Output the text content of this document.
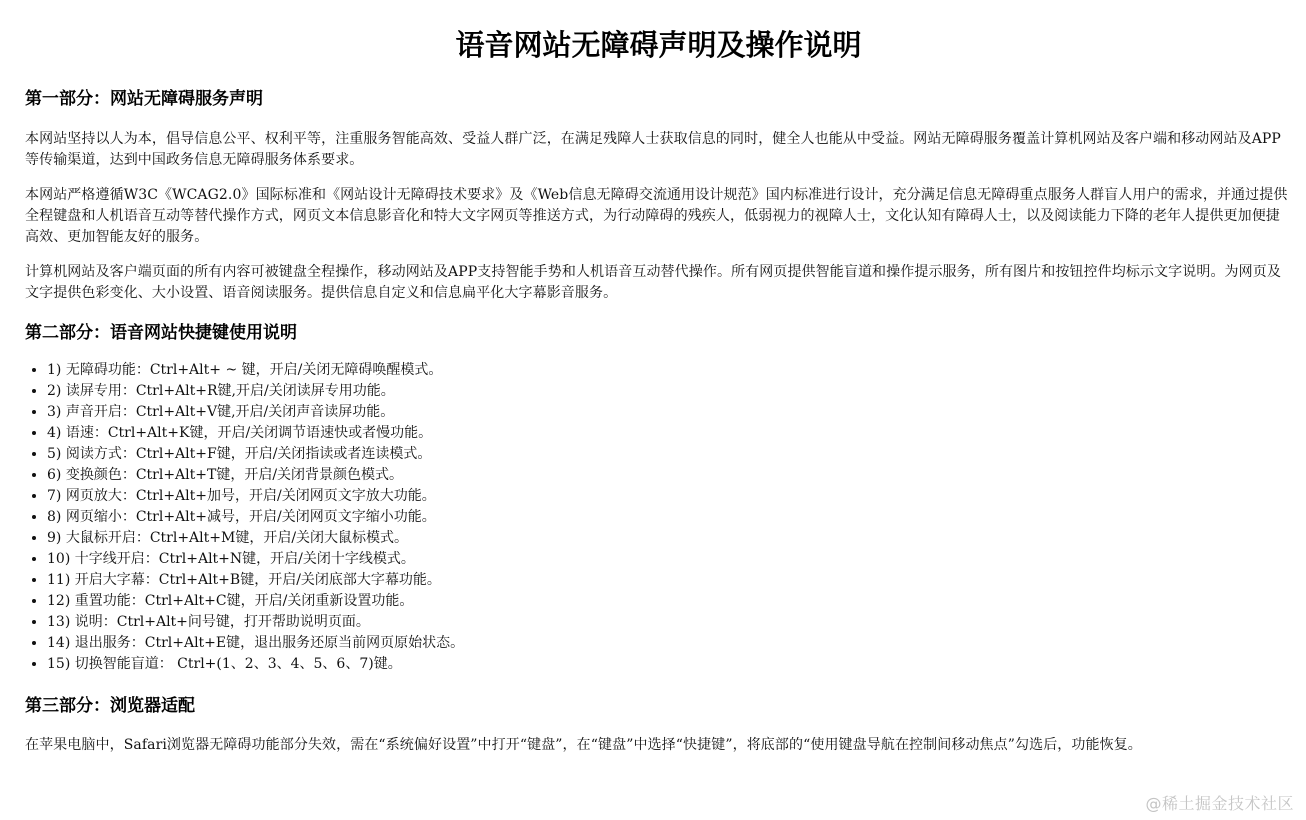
语音网站无障碍声明及操作说明
第一部分：网站无障碍服务声明

本网站坚持以人为本，倡导信息公平、权利平等，注重服务智能高效、受益人群广泛，在满足残障人士获取信息的同时，健全人也能从中受益。网站无障碍服务覆盖计算机网站及客户端和移动网站及APP等传输渠道，达到中国政务信息无障碍服务体系要求。

本网站严格遵循W3C《WCAG2.0》国际标准和《网站设计无障碍技术要求》及《Web信息无障碍交流通用设计规范》国内标准进行设计，充分满足信息无障碍重点服务人群盲人用户的需求，并通过提供全程键盘和人机语音互动等替代操作方式，网页文本信息影音化和特大文字网页等推送方式，为行动障碍的残疾人，低弱视力的视障人士，文化认知有障碍人士，以及阅读能力下降的老年人提供更加便捷高效、更加智能友好的服务。

计算机网站及客户端页面的所有内容可被键盘全程操作，移动网站及APP支持智能手势和人机语音互动替代操作。所有网页提供智能盲道和操作提示服务，所有图片和按钮控件均标示文字说明。为网页及文字提供色彩变化、大小设置、语音阅读服务。提供信息自定义和信息扁平化大字幕影音服务。

第二部分：语音网站快捷键使用说明
• 1) 无障碍功能：Ctrl+Alt+ ~ 键，开启/关闭无障碍唤醒模式。
• 2) 读屏专用：Ctrl+Alt+R键,开启/关闭读屏专用功能。
• 3) 声音开启：Ctrl+Alt+V键,开启/关闭声音读屏功能。
• 4) 语速：Ctrl+Alt+K键，开启/关闭调节语速快或者慢功能。
• 5) 阅读方式：Ctrl+Alt+F键，开启/关闭指读或者连读模式。
• 6) 变换颜色：Ctrl+Alt+T键，开启/关闭背景颜色模式。
• 7) 网页放大：Ctrl+Alt+加号，开启/关闭网页文字放大功能。
• 8) 网页缩小：Ctrl+Alt+减号，开启/关闭网页文字缩小功能。
• 9) 大鼠标开启：Ctrl+Alt+M键，开启/关闭大鼠标模式。
• 10) 十字线开启：Ctrl+Alt+N键，开启/关闭十字线模式。
• 11) 开启大字幕：Ctrl+Alt+B键，开启/关闭底部大字幕功能。
• 12) 重置功能：Ctrl+Alt+C键，开启/关闭重新设置功能。
• 13) 说明：Ctrl+Alt+问号键，打开帮助说明页面。
• 14) 退出服务：Ctrl+Alt+E键，退出服务还原当前网页原始状态。
• 15) 切换智能盲道： Ctrl+(1、2、3、4、5、6、7)键。
第三部分：浏览器适配

在苹果电脑中，Safari浏览器无障碍功能部分失效，需在“系统偏好设置”中打开“键盘”，在“键盘”中选择“快捷键”，将底部的“使用键盘导航在控制间移动焦点”勾选后，功能恢复。

@稀土掘金技术社区
